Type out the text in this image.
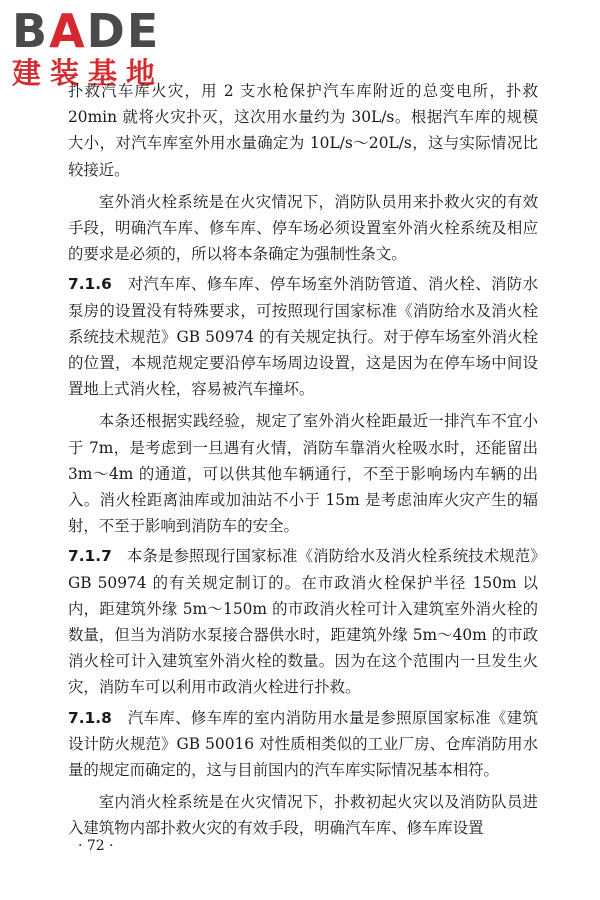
BADE
建装基地

扑救汽车库火灾，用 2 支水枪保护汽车库附近的总变电所，扑救 20min 就将火灾扑灭，这次用水量约为 30L/s。根据汽车库的规模大小，对汽车库室外用水量确定为 10L/s～20L/s，这与实际情况比较接近。

室外消火栓系统是在火灾情况下，消防队员用来扑救火灾的有效手段，明确汽车库、修车库、停车场必须设置室外消火栓系统及相应的要求是必须的，所以将本条确定为强制性条文。

7.1.6 对汽车库、修车库、停车场室外消防管道、消火栓、消防水泵房的设置没有特殊要求，可按照现行国家标准《消防给水及消火栓系统技术规范》GB 50974 的有关规定执行。对于停车场室外消火栓的位置，本规范规定要沿停车场周边设置，这是因为在停车场中间设置地上式消火栓，容易被汽车撞坏。

本条还根据实践经验，规定了室外消火栓距最近一排汽车不宜小于 7m，是考虑到一旦遇有火情，消防车靠消火栓吸水时，还能留出 3m～4m 的通道，可以供其他车辆通行，不至于影响场内车辆的出入。消火栓距离油库或加油站不小于 15m 是考虑油库火灾产生的辐射，不至于影响到消防车的安全。

7.1.7 本条是参照现行国家标准《消防给水及消火栓系统技术规范》GB 50974 的有关规定制订的。在市政消火栓保护半径 150m 以内，距建筑外缘 5m～150m 的市政消火栓可计入建筑室外消火栓的数量，但当为消防水泵接合器供水时，距建筑外缘 5m～40m 的市政消火栓可计入建筑室外消火栓的数量。因为在这个范围内一旦发生火灾，消防车可以利用市政消火栓进行扑救。

7.1.8 汽车库、修车库的室内消防用水量是参照原国家标准《建筑设计防火规范》GB 50016 对性质相类似的工业厂房、仓库消防用水量的规定而确定的，这与目前国内的汽车库实际情况基本相符。

室内消火栓系统是在火灾情况下，扑救初起火灾以及消防队员进入建筑物内部扑救火灾的有效手段，明确汽车库、修车库设置

· 72 ·
